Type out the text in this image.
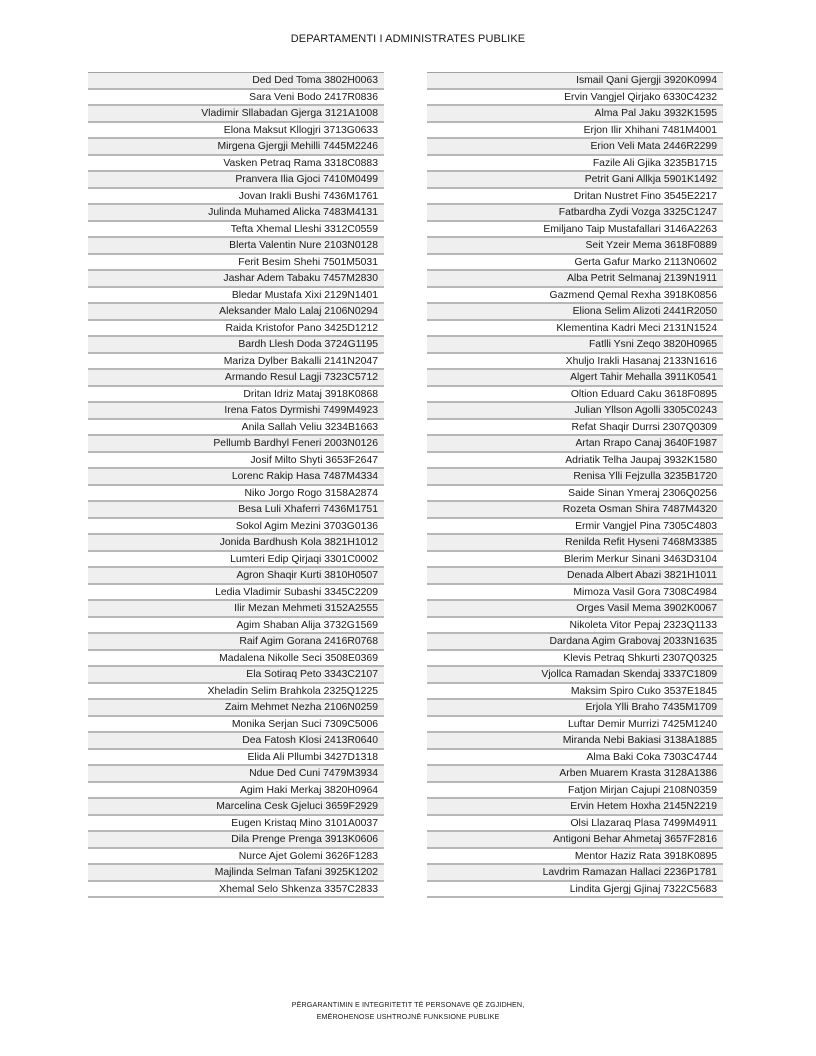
DEPARTAMENTI I ADMINISTRATES PUBLIKE
Ded Ded Toma 3802H0063
Sara Veni Bodo 2417R0836
Vladimir Sllabadan Gjerga 3121A1008
Elona Maksut Kllogjri 3713G0633
Mirgena Gjergji Mehilli 7445M2246
Vasken Petraq Rama 3318C0883
Pranvera Ilia Gjoci 7410M0499
Jovan Irakli Bushi 7436M1761
Julinda Muhamed Alicka 7483M4131
Tefta Xhemal Lleshi 3312C0559
Blerta Valentin Nure 2103N0128
Ferit Besim Shehi 7501M5031
Jashar Adem Tabaku 7457M2830
Bledar Mustafa Xixi 2129N1401
Aleksander Malo Lalaj 2106N0294
Raida Kristofor Pano 3425D1212
Bardh Llesh Doda 3724G1195
Mariza Dylber Bakalli 2141N2047
Armando Resul Lagji 7323C5712
Dritan Idriz Mataj 3918K0868
Irena Fatos Dyrmishi 7499M4923
Anila Sallah Veliu 3234B1663
Pellumb Bardhyl Feneri 2003N0126
Josif Milto Shyti 3653F2647
Lorenc Rakip Hasa 7487M4334
Niko Jorgo Rogo 3158A2874
Besa Luli Xhaferri 7436M1751
Sokol Agim Mezini 3703G0136
Jonida Bardhush Kola 3821H1012
Lumteri Edip Qirjaqi 3301C0002
Agron Shaqir Kurti 3810H0507
Ledia Vladimir Subashi 3345C2209
Ilir Mezan Mehmeti 3152A2555
Agim Shaban Alija 3732G1569
Raif Agim Gorana 2416R0768
Madalena Nikolle Seci 3508E0369
Ela Sotiraq Peto 3343C2107
Xheladin Selim Brahkola 2325Q1225
Zaim Mehmet Nezha 2106N0259
Monika Serjan Suci 7309C5006
Dea Fatosh Klosi 2413R0640
Elida Ali Pllumbi 3427D1318
Ndue Ded Cuni 7479M3934
Agim Haki Merkaj 3820H0964
Marcelina Cesk Gjeluci 3659F2929
Eugen Kristaq Mino 3101A0037
Dila Prenge Prenga 3913K0606
Nurce Ajet Golemi 3626F1283
Majlinda Selman Tafani 3925K1202
Xhemal Selo Shkenza 3357C2833
Ismail Qani Gjergji 3920K0994
Ervin Vangjel Qirjako 6330C4232
Alma Pal Jaku 3932K1595
Erjon Ilir Xhihani 7481M4001
Erion Veli Mata 2446R2299
Fazile Ali Gjika 3235B1715
Petrit Gani Allkja 5901K1492
Dritan Nustret Fino 3545E2217
Fatbardha Zydi Vozga 3325C1247
Emiljano Taip Mustafallari 3146A2263
Seit Yzeir Mema 3618F0889
Gerta Gafur Marko 2113N0602
Alba Petrit Selmanaj 2139N1911
Gazmend Qemal Rexha 3918K0856
Eliona Selim Alizoti 2441R2050
Klementina Kadri Meci 2131N1524
Fatlli Ysni Zeqo 3820H0965
Xhuljo Irakli Hasanaj 2133N1616
Algert Tahir Mehalla 3911K0541
Oltion Eduard Caku 3618F0895
Julian Yllson Agolli 3305C0243
Refat Shaqir Durrsi 2307Q0309
Artan Rrapo Canaj 3640F1987
Adriatik Telha Jaupaj 3932K1580
Renisa Ylli Fejzulla 3235B1720
Saide Sinan Ymeraj 2306Q0256
Rozeta Osman Shira 7487M4320
Ermir Vangjel Pina 7305C4803
Renilda Refit Hyseni 7468M3385
Blerim Merkur Sinani 3463D3104
Denada Albert Abazi 3821H1011
Mimoza Vasil Gora 7308C4984
Orges Vasil Mema 3902K0067
Nikoleta Vitor Pepaj 2323Q1133
Dardana Agim Grabovaj 2033N1635
Klevis Petraq Shkurti 2307Q0325
Vjollca Ramadan Skendaj 3337C1809
Maksim Spiro Cuko 3537E1845
Erjola Ylli Braho 7435M1709
Luftar Demir Murrizi 7425M1240
Miranda Nebi Bakiasi 3138A1885
Alma Baki Coka 7303C4744
Arben Muarem Krasta 3128A1386
Fatjon Mirjan Cajupi 2108N0359
Ervin Hetem Hoxha 2145N2219
Olsi Llazaraq Plasa 7499M4911
Antigoni Behar Ahmetaj 3657F2816
Mentor Haziz Rata 3918K0895
Lavdrim Ramazan Hallaci 2236P1781
Lindita Gjergj Gjinaj 7322C5683
PËRGARANTIMIN E INTEGRITETIT TË PERSONAVE QË ZGJIDHEN,
EMËROHENOSE USHTROJNË FUNKSIONE PUBLIKE
